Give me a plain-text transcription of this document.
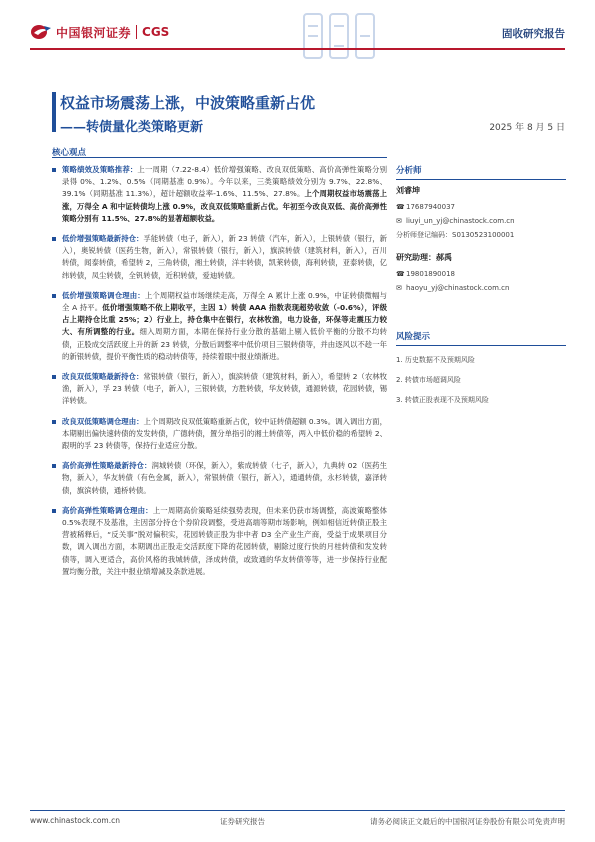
中国银河证券 CGS	固收研究报告
权益市场震荡上涨，中波策略重新占优
——转债量化类策略更新	2025 年 8 月 5 日
核心观点
策略绩效及策略推荐：上一周期（7.22-8.4）低价增强策略、改良双低策略、高价高弹性策略分别录得 0%、1.2%、0.5%（同期基准 0.9%）。今年以来，三类策略绩效分别为 9.7%、22.8%、39.1%（同期基准 11.3%），超计超额收益率-1.6%、11.5%、27.8%。上个周期权益市场震荡上涨，万得全 A 和中证转债均上涨 0.9%，改良双低策略重新占优。年初至今改良双低、高价高弹性策略分别有 11.5%、27.8%的显著超额收益。
低价增强策略最新持仓：孚能转债（电子，新入），新 23 转债（汽车，新入），上银转债（银行，新入），奥锐转债（医药生物，新入），常银转债（银行，新入），旗滨转债（建筑材料，新入），百川转债，闻泰转债，希望转 2，三角转债，湘土转债，洋丰转债，凯莱转债，海利转债，亚泰转债，亿纬转债，凤尘转债，全钒转债，近积转债，爱迪转债。
低价增强策略调仓理由：上个周期权益市场继续走高，万得全 A 累计上涨 0.9%，中证转债微幅与全 A 持平。低价增强策略不依上期收平，主因 1）转债 AAA 指数表现超势收敛（-0.6%），评级占上期持仓比重 25%；2）行业上，持仓集中在银行，农林牧渔，电力设备，环保等走震压力较大、有所调整的行业。细入周期方面，本期在保持行业分散的基础上剔入低价平衡的分散不均转债，正股成交活跃度上升的新 23 转债，分散后调整率中低价项目三银转债等，并由逐风以不趁一年的新银转债，提价平衡性质的稳动转债等，持续着眼中报业绩渐进。
改良双低策略最新持仓：常银转债（银行，新入），旗滨转债（建筑材料，新入），希望转 2（农林牧渔，新入），孚 23 转债（电子，新入），三银转债，方胜转债，华友转债，通源转债，花园转债，锡洋转债。
改良双低策略调仓理由：上个周期改良双低策略重新占优，较中证转债超额 0.3%。调入调出方面，本期剔出偏快速转债的发发转债，广德转债，置分单指引的湘土转债等，两入中低价稳的希望转 2、跟明的孚 23 转债等，保持行业适应分散。
高价高弹性策略最新持仓：润城转债（环保，新入），紫成转债（七子，新入），九典转 02（医药生物，新入），华友转债（有色金属，新入），常银转债（银行，新入），通通转债，永杉转债，嘉泽转债，旗滨转债，通桥转债。
高价高弹性策略调仓理由：上一周期高价策略延续强势表现，但未来仍获市场调整，高波策略整体 0.5%表现不及基准，主因部分持仓个券阶段调整，受进高端等期市场影响，例如相信近转债正股主营被稀释后，“反关事”脱对偏积实，花园转债正股为非中者 D3 全产业生产商，受益于成果项目分数，调入调出方面，本期调出正股走交活跃度下降的花园转债，剔除过度行快的月桂转债和发发转债等，调入更适合，高价风格的我城转债，泽成转债，或致通的华友转债等等，进一步保持行业配置均衡分散，关注中报业绩增减及条款进展。
分析师
刘睿坤
☎ 17687940037
✉ liuyi_un_yj@chinastock.com.cn
分析师登记编码：S0130523100001
研究助理：郝禹
☎ 19801890018
✉ haoyu_yj@chinastock.com.cn
风险提示
1. 历史数据不及预期风险
2. 转债市场超调风险
3. 转债正股表现不及预期风险
www.chinastock.com.cn	证券研究报告	请务必阅读正文最后的中国银河证券股份有限公司免责声明
